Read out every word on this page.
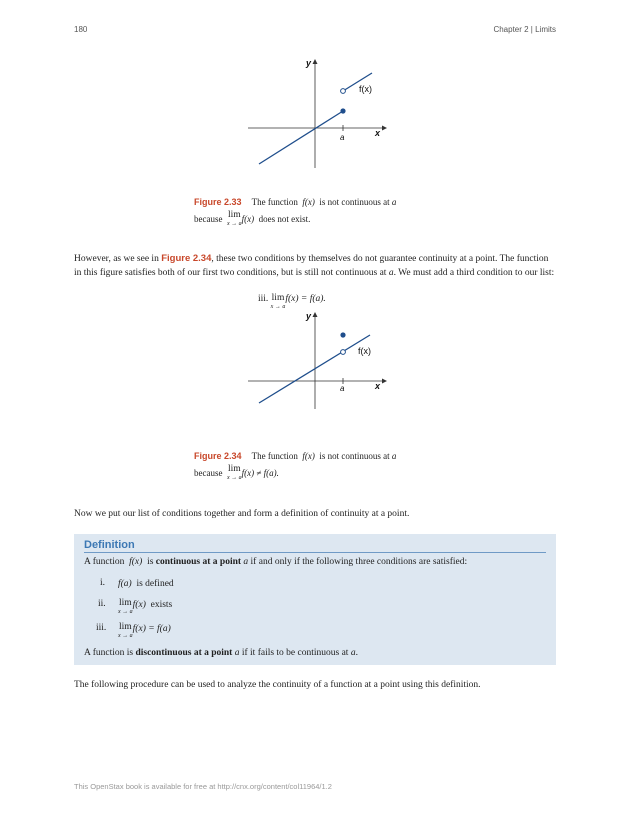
180	Chapter 2 | Limits
y
x
a
f(x)
Figure 2.33 The function f(x) is not continuous at a
because lim
x → a f(x) does not exist.
However, as we see in Figure 2.34, these two conditions by themselves do not guarantee continuity at a point. The function in this figure satisfies both of our first two conditions, but is still not continuous at a. We must add a third condition to our list:
iii. lim
x → a
f(x) = f(a).
y
x
a
f(x)
Figure 2.34 The function f(x) is not continuous at a
because lim
x → a f(x) ≠ f(a).
Now we put our list of conditions together and form a definition of continuity at a point.
Definition
A function f(x) is continuous at a point a if and only if the following three conditions are satisfied:
i. f(a) is defined
ii. lim
x → a
f(x) exists
iii. lim
x → a
f(x) = f(a)
A function is discontinuous at a point a if it fails to be continuous at a.
The following procedure can be used to analyze the continuity of a function at a point using this definition.
This OpenStax book is available for free at http://cnx.org/content/col11964/1.2
